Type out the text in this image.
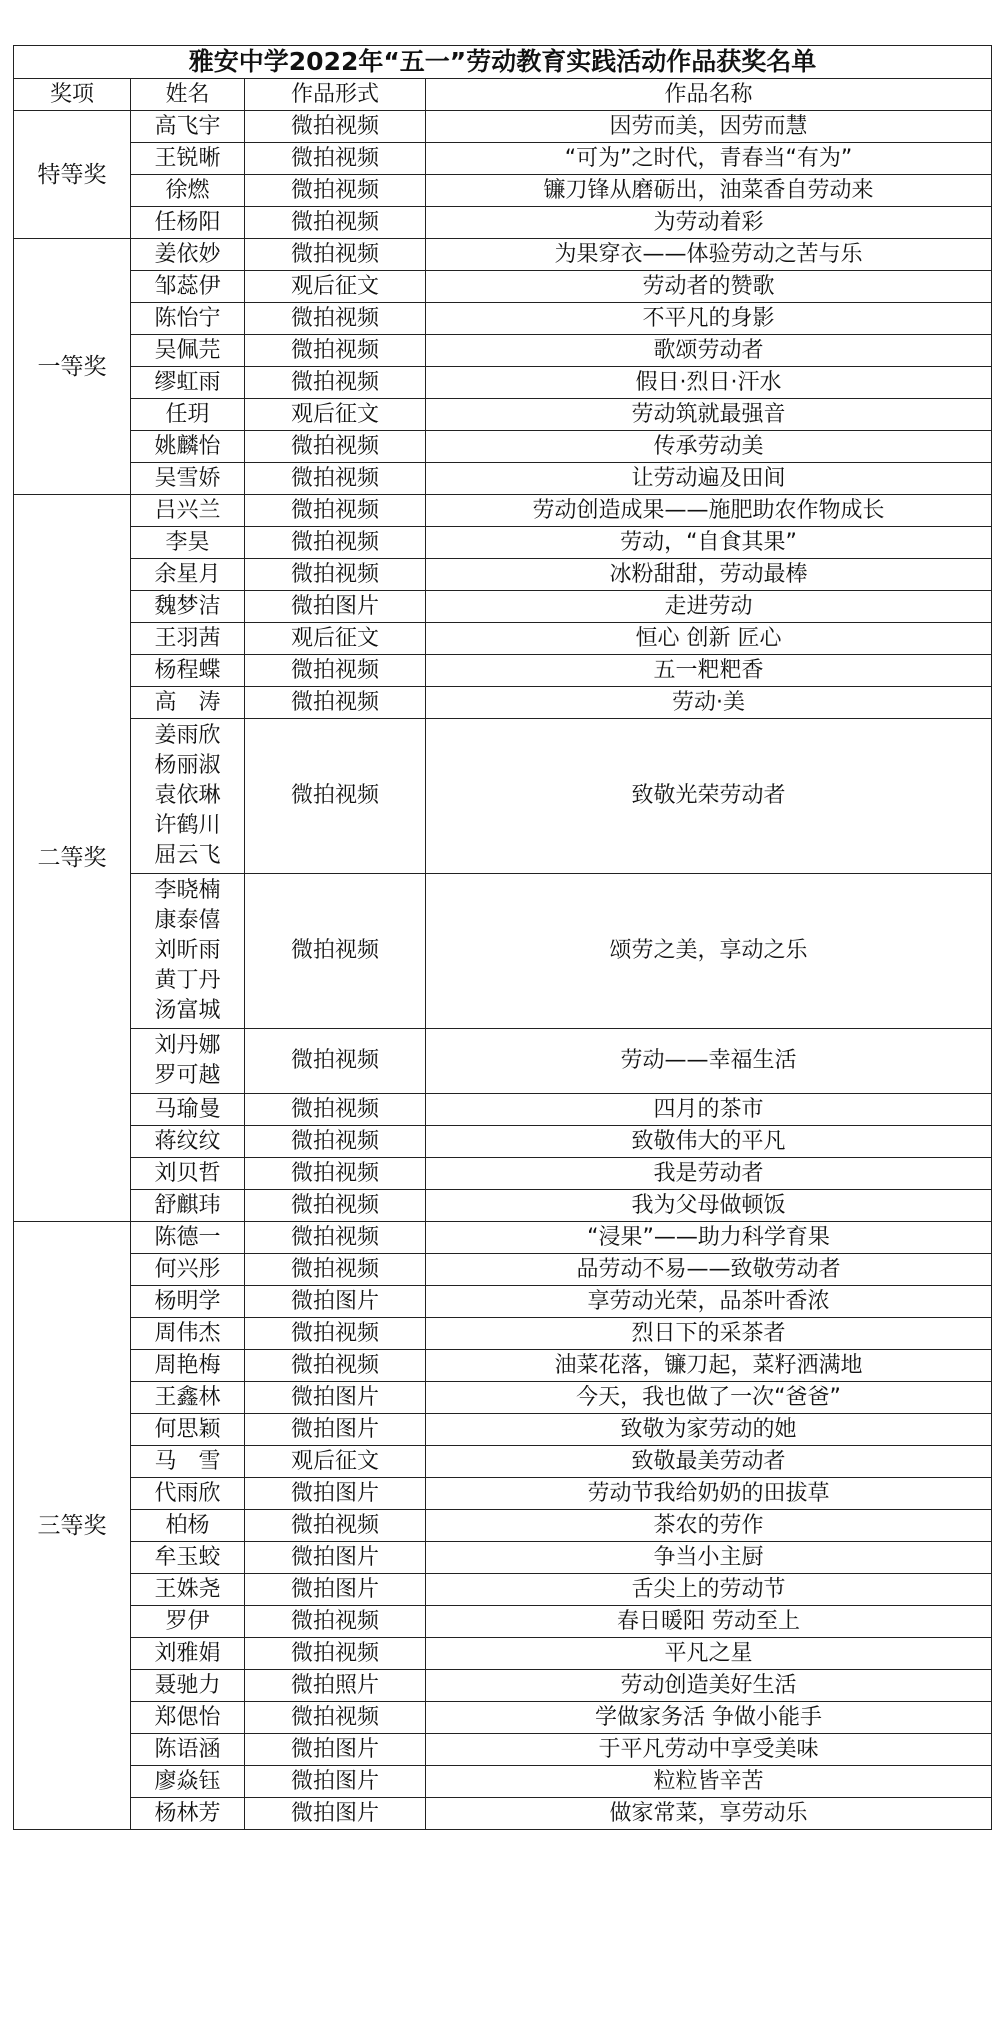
雅安中学2022年“五一”劳动教育实践活动作品获奖名单			
奖项	姓名	作品形式	作品名称
特等奖	高飞宇	微拍视频	因劳而美，因劳而慧

	王锐晰	微拍视频	“可为”之时代，青春当“有为”

	徐燃	微拍视频	镰刀锋从磨砺出，油菜香自劳动来

	任杨阳	微拍视频	为劳动着彩
一等奖	姜依妙	微拍视频	为果穿衣——体验劳动之苦与乐

	邹蕊伊	观后征文	劳动者的赞歌

	陈怡宁	微拍视频	不平凡的身影

	吴佩芫	微拍视频	歌颂劳动者

	缪虹雨	微拍视频	假日·烈日·汗水

	任玥	观后征文	劳动筑就最强音

	姚麟怡	微拍视频	传承劳动美

	吴雪娇	微拍视频	让劳动遍及田间
二等奖	吕兴兰	微拍视频	劳动创造成果——施肥助农作物成长

	李昊	微拍视频	劳动，“自食其果”

	余星月	微拍视频	冰粉甜甜，劳动最棒

	魏梦洁	微拍图片	走进劳动

	王羽茜	观后征文	恒心 创新 匠心

	杨程蝶	微拍视频	五一粑粑香

	高　涛	微拍视频	劳动·美

	姜雨欣
杨丽淑
袁依琳
许鹤川
屈云飞	微拍视频	致敬光荣劳动者

	李晓楠
康泰僖
刘昕雨
黄丁丹
汤富城	微拍视频	颂劳之美，享动之乐

	刘丹娜
罗可越	微拍视频	劳动——幸福生活

	马瑜曼	微拍视频	四月的茶市

	蒋纹纹	微拍视频	致敬伟大的平凡

	刘贝哲	微拍视频	我是劳动者

	舒麒玮	微拍视频	我为父母做顿饭
三等奖	陈德一	微拍视频	“浸果”——助力科学育果

	何兴彤	微拍视频	品劳动不易——致敬劳动者

	杨明学	微拍图片	享劳动光荣，品茶叶香浓

	周伟杰	微拍视频	烈日下的采茶者

	周艳梅	微拍视频	油菜花落，镰刀起，菜籽洒满地

	王鑫林	微拍图片	今天，我也做了一次“爸爸”

	何思颖	微拍图片	致敬为家劳动的她

	马　雪	观后征文	致敬最美劳动者

	代雨欣	微拍图片	劳动节我给奶奶的田拔草

	柏杨	微拍视频	茶农的劳作

	牟玉蛟	微拍图片	争当小主厨

	王姝尧	微拍图片	舌尖上的劳动节

	罗伊	微拍视频	春日暖阳 劳动至上

	刘雅娟	微拍视频	平凡之星

	聂驰力	微拍照片	劳动创造美好生活

	郑偲怡	微拍视频	学做家务活 争做小能手

	陈语涵	微拍图片	于平凡劳动中享受美味

	廖焱钰	微拍图片	粒粒皆辛苦

	杨林芳	微拍图片	做家常菜，享劳动乐
